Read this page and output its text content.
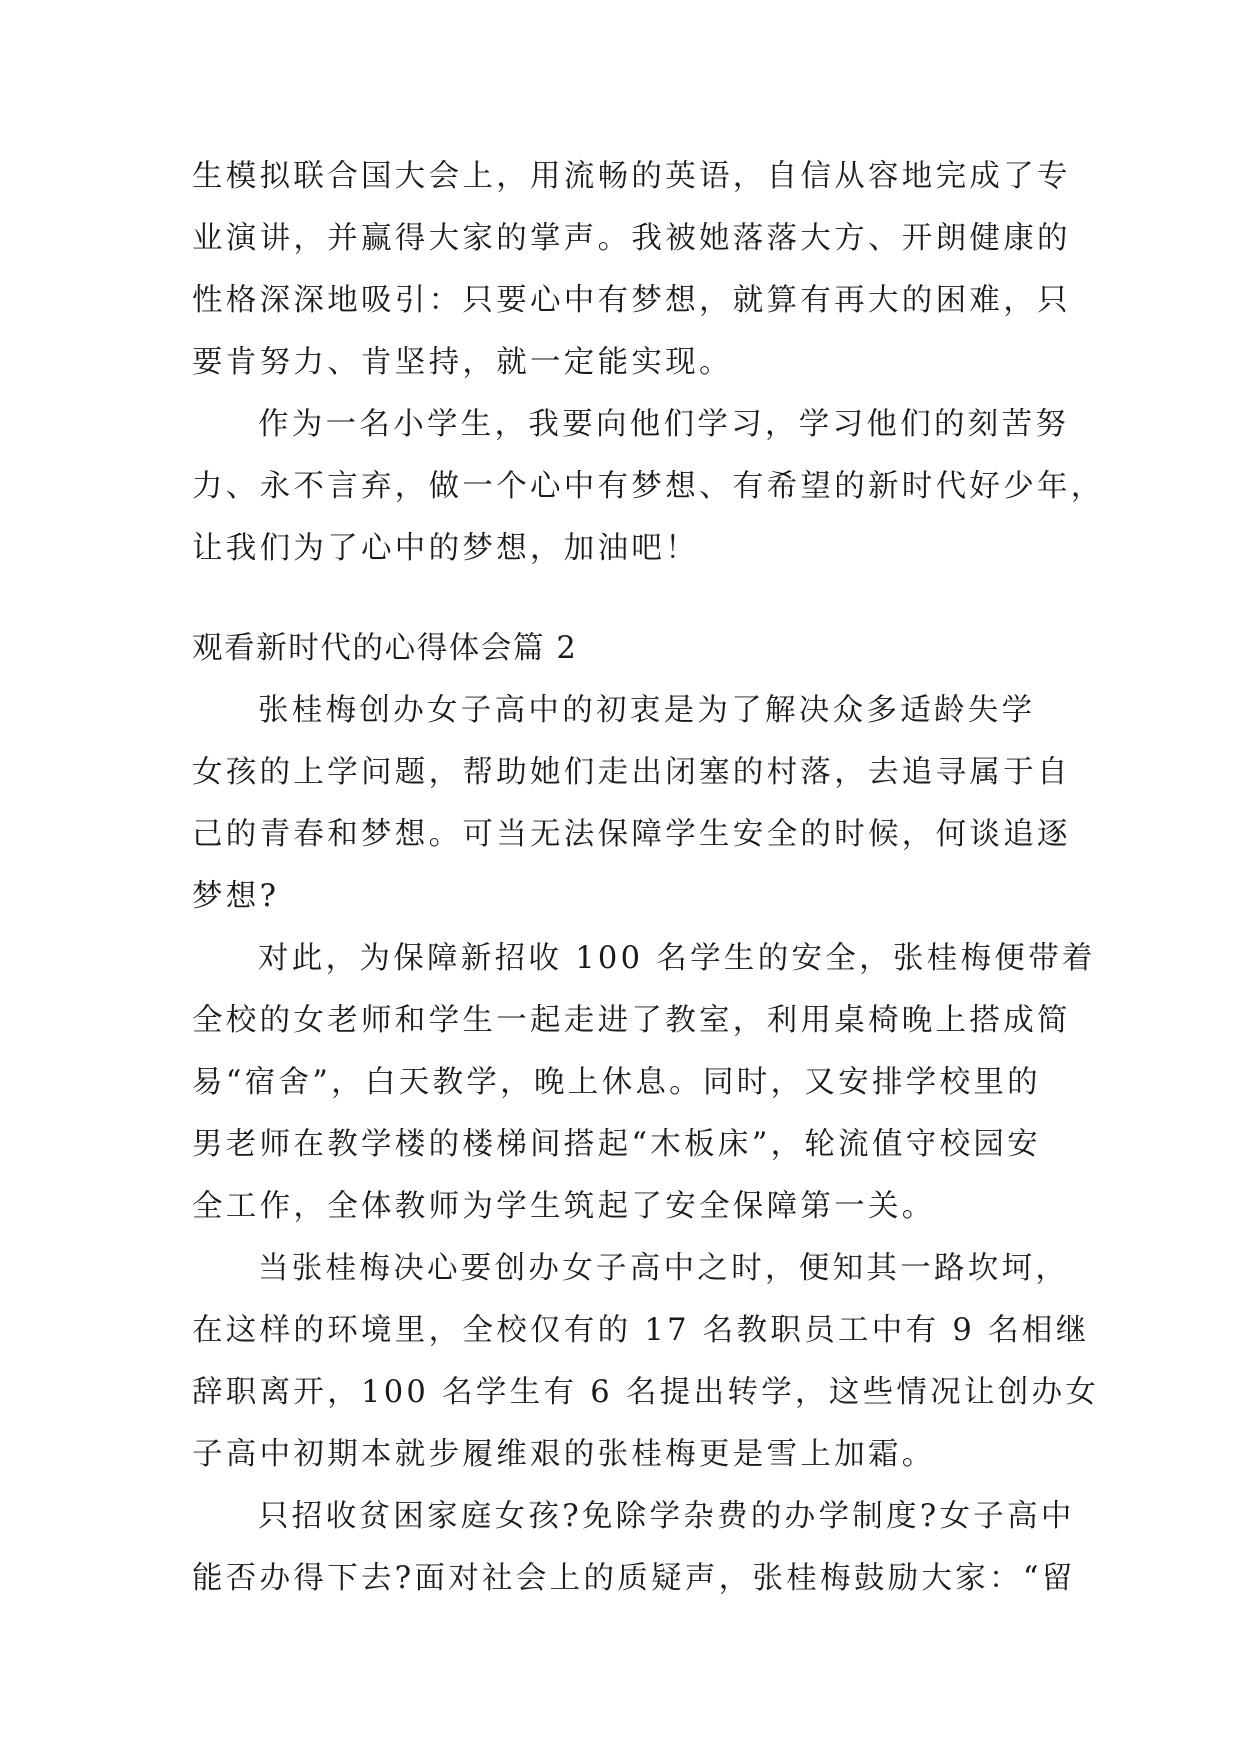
生模拟联合国大会上，用流畅的英语，自信从容地完成了专
业演讲，并赢得大家的掌声。我被她落落大方、开朗健康的
性格深深地吸引：只要心中有梦想，就算有再大的困难，只
要肯努力、肯坚持，就一定能实现。
作为一名小学生，我要向他们学习，学习他们的刻苦努
力、永不言弃，做一个心中有梦想、有希望的新时代好少年，
让我们为了心中的梦想，加油吧！
观看新时代的心得体会篇 2
张桂梅创办女子高中的初衷是为了解决众多适龄失学
女孩的上学问题，帮助她们走出闭塞的村落，去追寻属于自
己的青春和梦想。可当无法保障学生安全的时候，何谈追逐
梦想?
对此，为保障新招收 100 名学生的安全，张桂梅便带着
全校的女老师和学生一起走进了教室，利用桌椅晚上搭成简
易“宿舍”，白天教学，晚上休息。同时，又安排学校里的
男老师在教学楼的楼梯间搭起“木板床”，轮流值守校园安
全工作，全体教师为学生筑起了安全保障第一关。
当张桂梅决心要创办女子高中之时，便知其一路坎坷，
在这样的环境里，全校仅有的 17 名教职员工中有 9 名相继
辞职离开，100 名学生有 6 名提出转学，这些情况让创办女
子高中初期本就步履维艰的张桂梅更是雪上加霜。
只招收贫困家庭女孩?免除学杂费的办学制度?女子高中
能否办得下去?面对社会上的质疑声，张桂梅鼓励大家：“留
